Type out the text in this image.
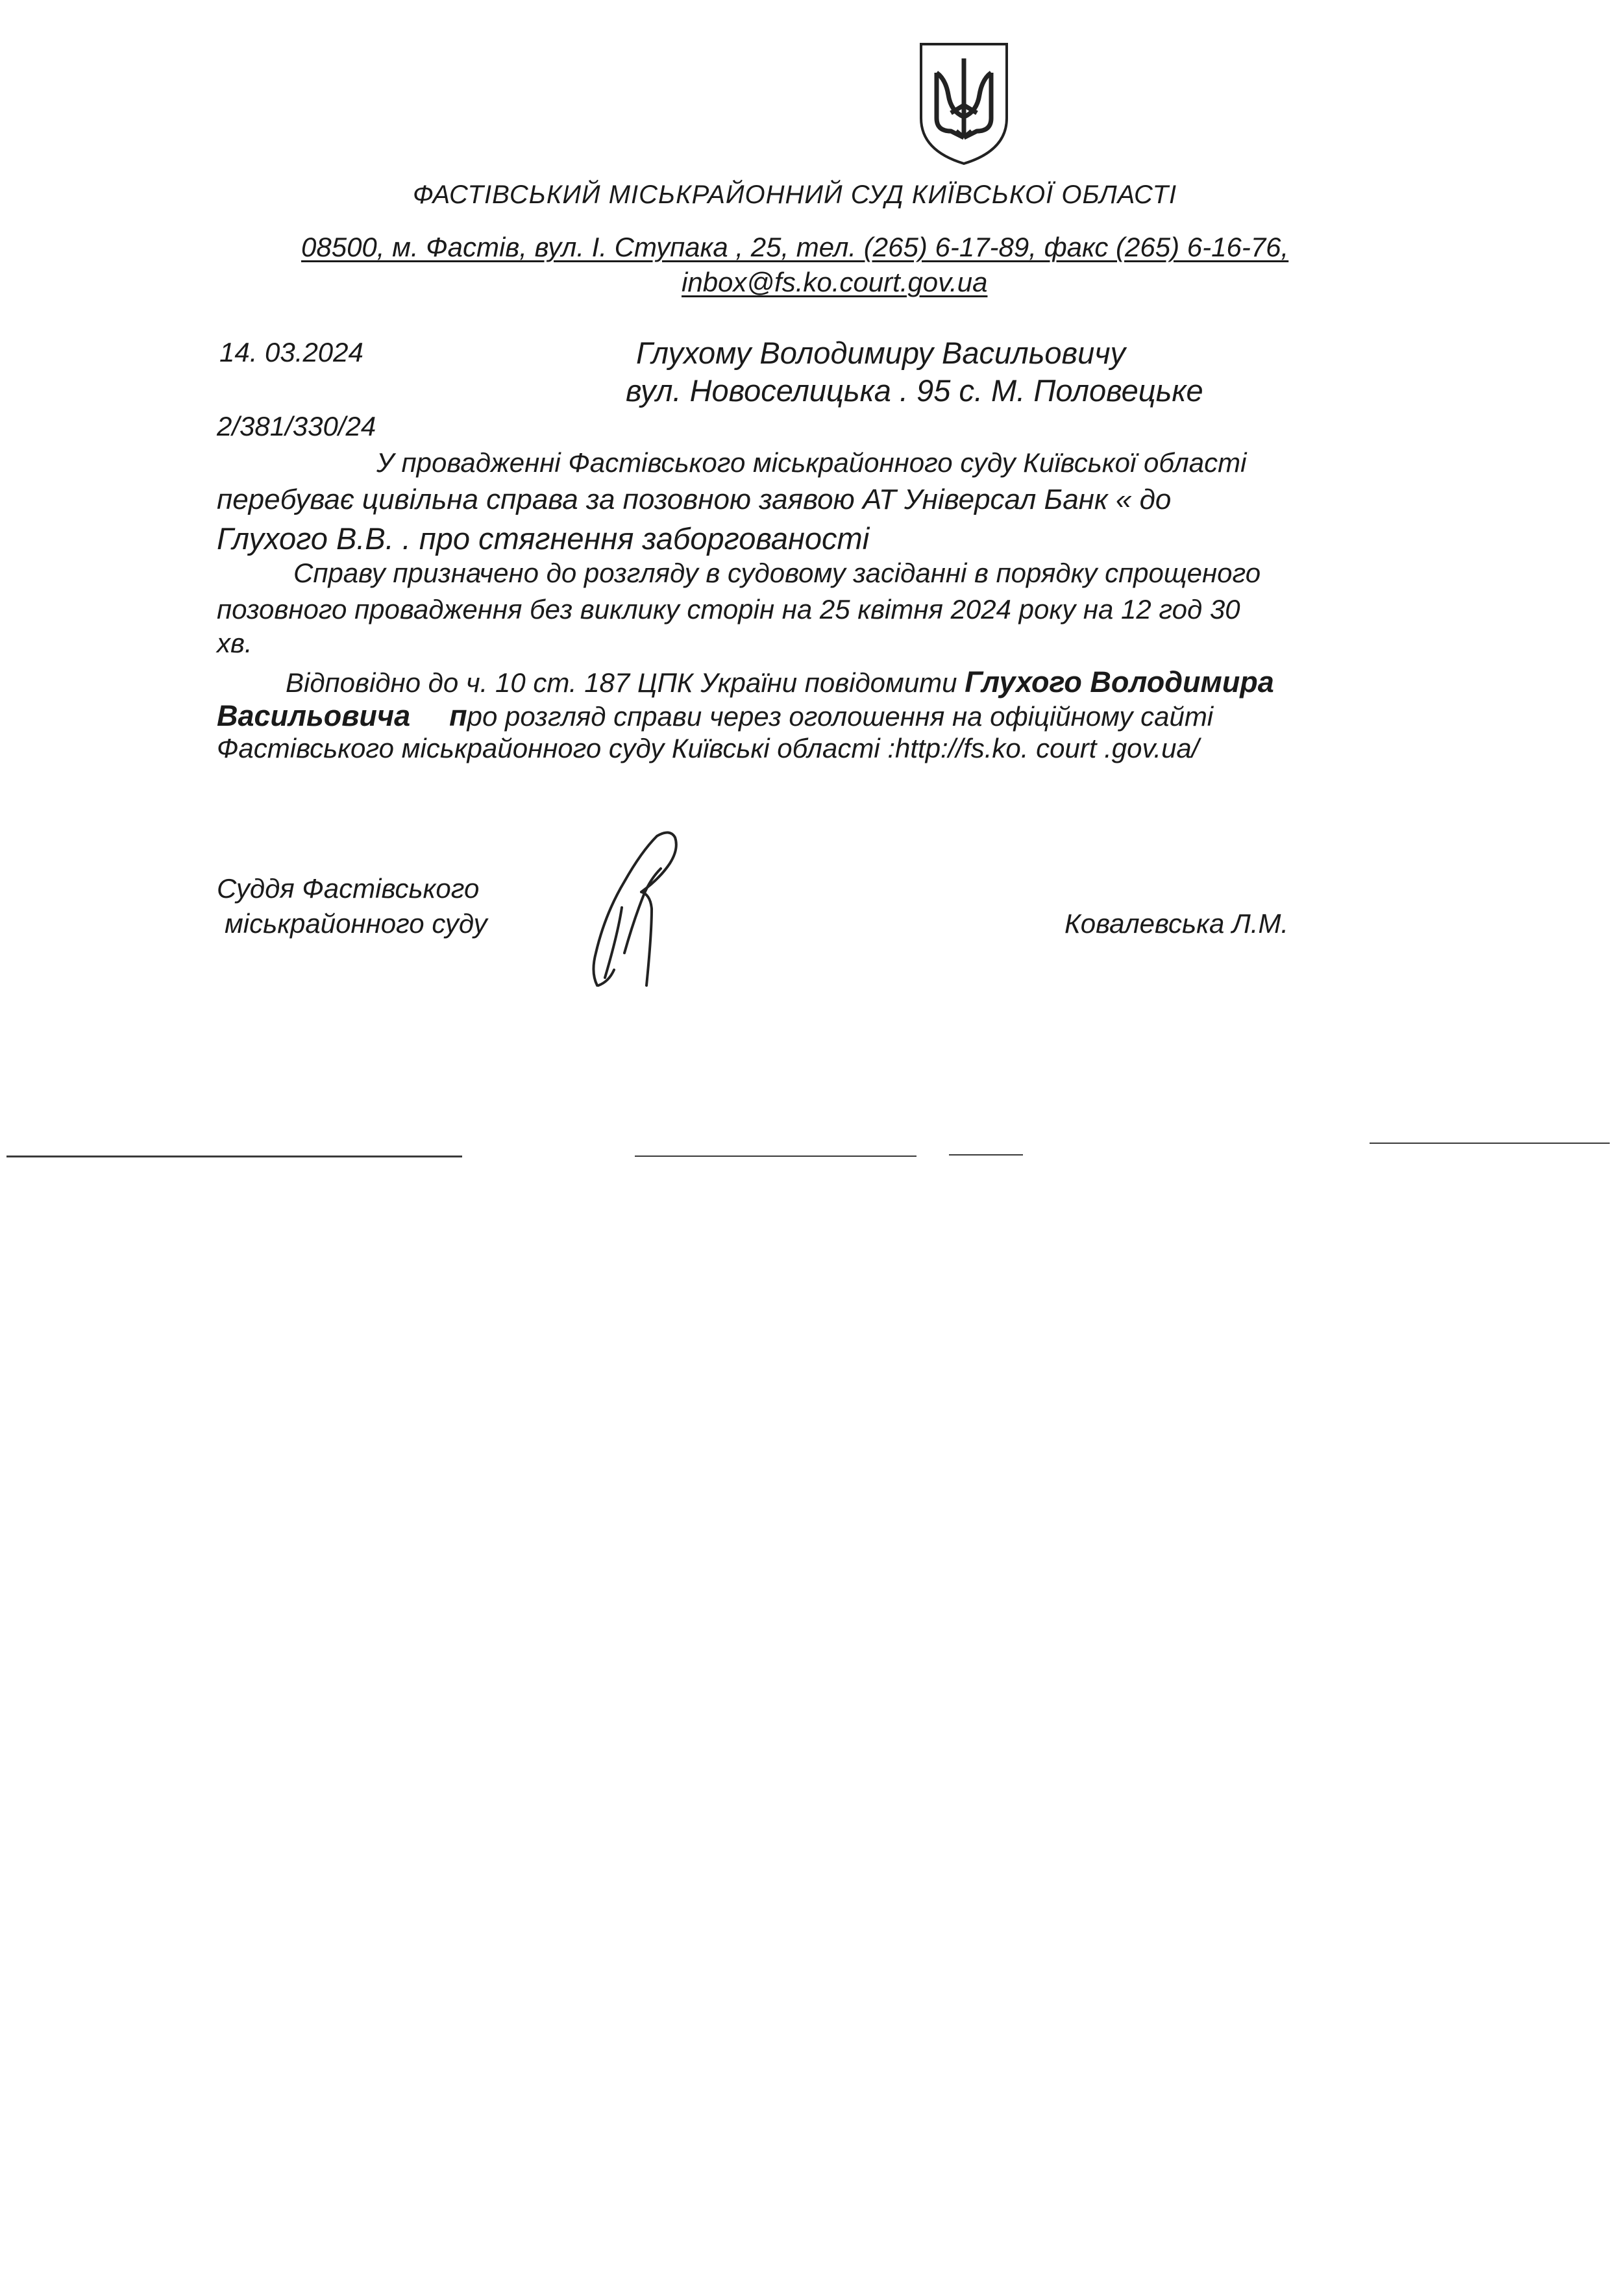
ФАСТІВСЬКИЙ МІСЬКРАЙОННИЙ СУД КИЇВСЬКОЇ ОБЛАСТІ
08500, м. Фастів, вул. І. Ступака , 25, тел. (265) 6-17-89, факс (265) 6-16-76,
inbox@fs.ko.court.gov.ua
14. 03.2024	Глухому Володимиру Васильовичу
вул. Новоселицька . 95 с. М. Половецьке
2/381/330/24
У провадженні Фастівського міськрайонного суду Київської області
перебуває цивільна справа за позовною заявою АТ Універсал Банк « до
Глухого В.В. . про стягнення заборгованості
Справу призначено до розгляду в судовому засіданні в порядку спрощеного
позовного провадження без виклику сторін на 25 квітня 2024 року на 12 год 30
хв.
Відповідно до ч. 10 ст. 187 ЦПК України повідомити Глухого Володимира
Васильовича про розгляд справи через оголошення на офіційному сайті
Фастівського міськрайонного суду Київські області :http://fs.ko. court .gov.ua/
Суддя Фастівського
міськрайонного суду	Ковалевська Л.М.
